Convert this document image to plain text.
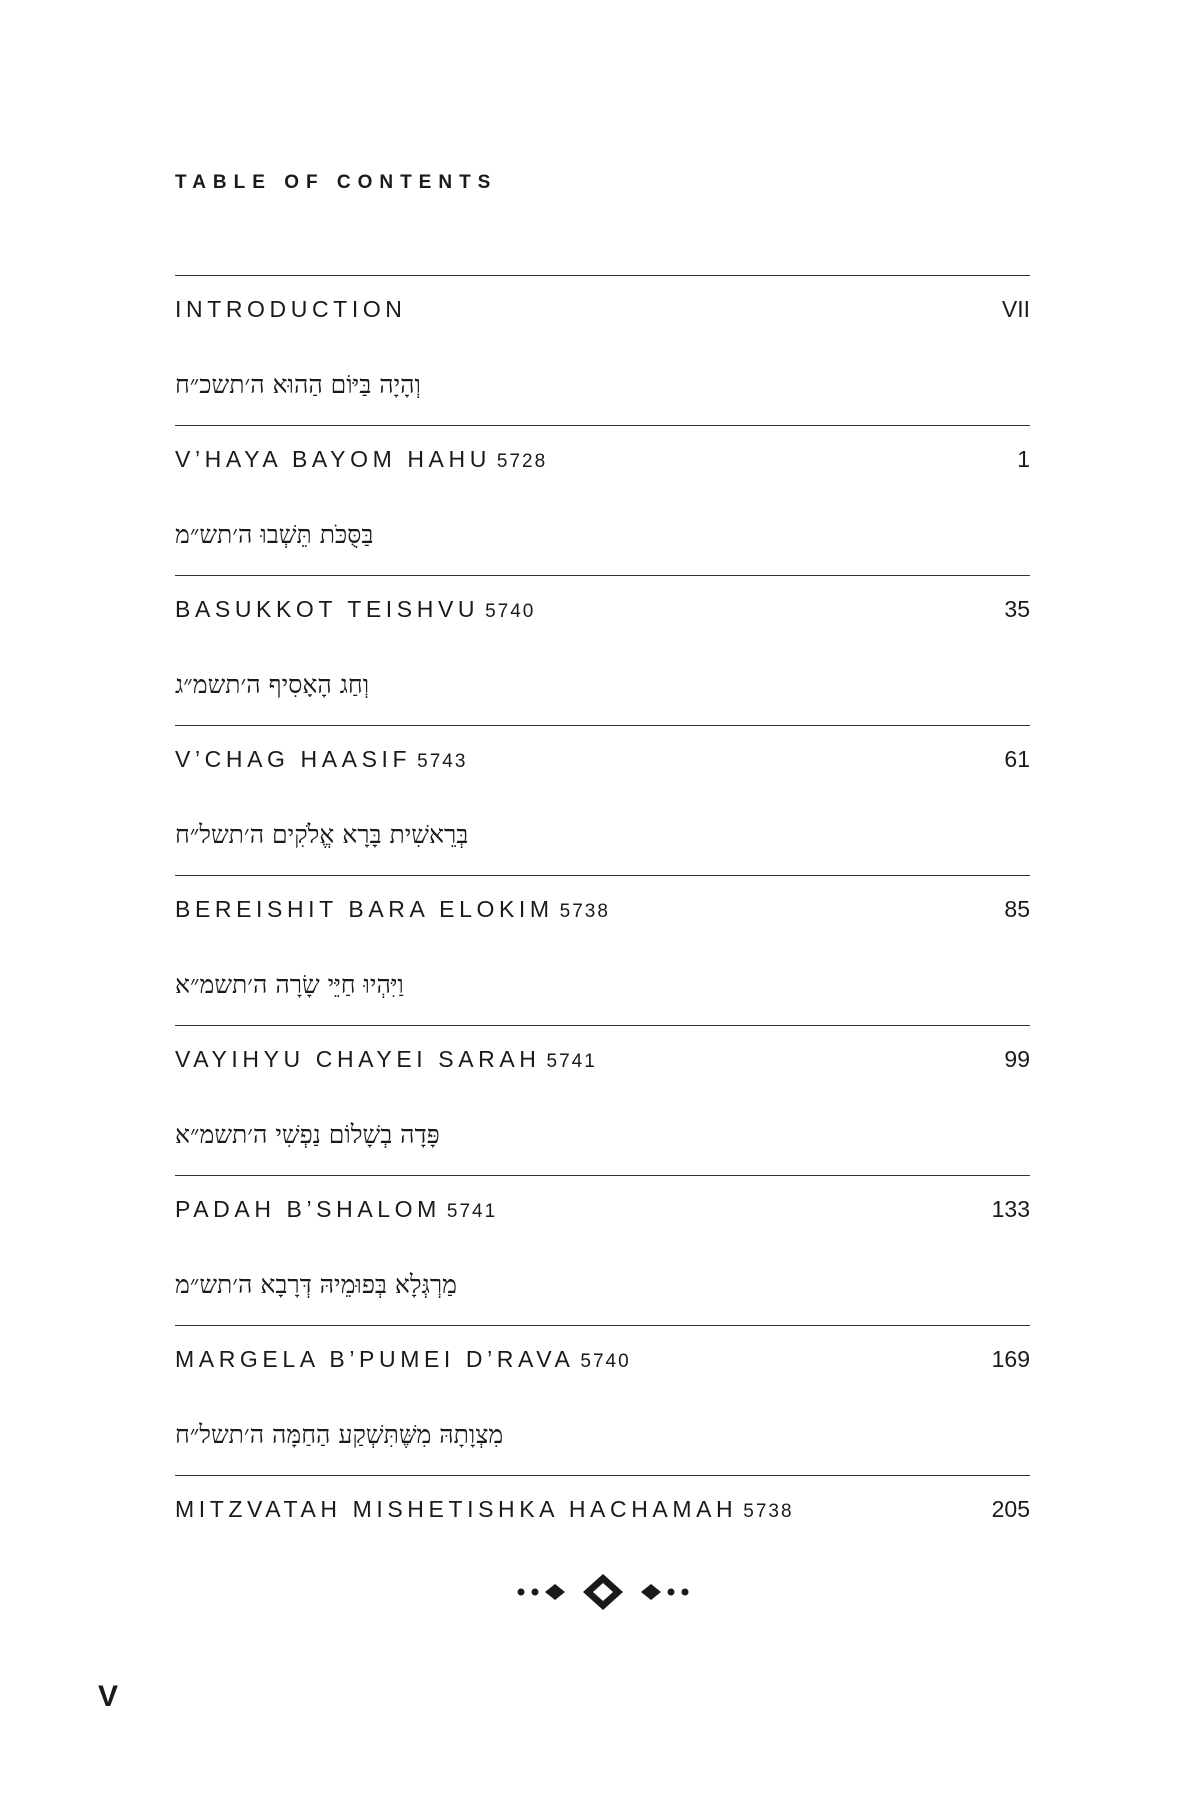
TABLE OF CONTENTS
INTRODUCTION	VII
וְהָיָה בַּיּוֹם הַהוּא ה׳תשכ״ח
V’HAYA BAYOM HAHU 5728	1
בַּסֻּכֹּת תֵּשְׁבוּ ה׳תש״מ
BASUKKOT TEISHVU 5740	35
וְחַג הָאָסִיף ה׳תשמ״ג
V’CHAG HAASIF 5743	61
בְּרֵאשִׁית בָּרָא אֱלֹקִים ה׳תשל״ח
BEREISHIT BARA ELOKIM 5738	85
וַיִּהְיוּ חַיֵּי שָׂרָה ה׳תשמ״א
VAYIHYU CHAYEI SARAH 5741	99
פָּדָה בְשָׁלוֹם נַפְשִׁי ה׳תשמ״א
PADAH B’SHALOM 5741	133
מַרְגְּלָא בְּפוּמֵיהּ דְּרָבָא ה׳תש״מ
MARGELA B’PUMEI D’RAVA 5740	169
מִצְוָתָהּ מִשֶּׁתִּשְׁקַע הַחַמָּה ה׳תשל״ח
MITZVATAH MISHETISHKA HACHAMAH 5738	205
V
